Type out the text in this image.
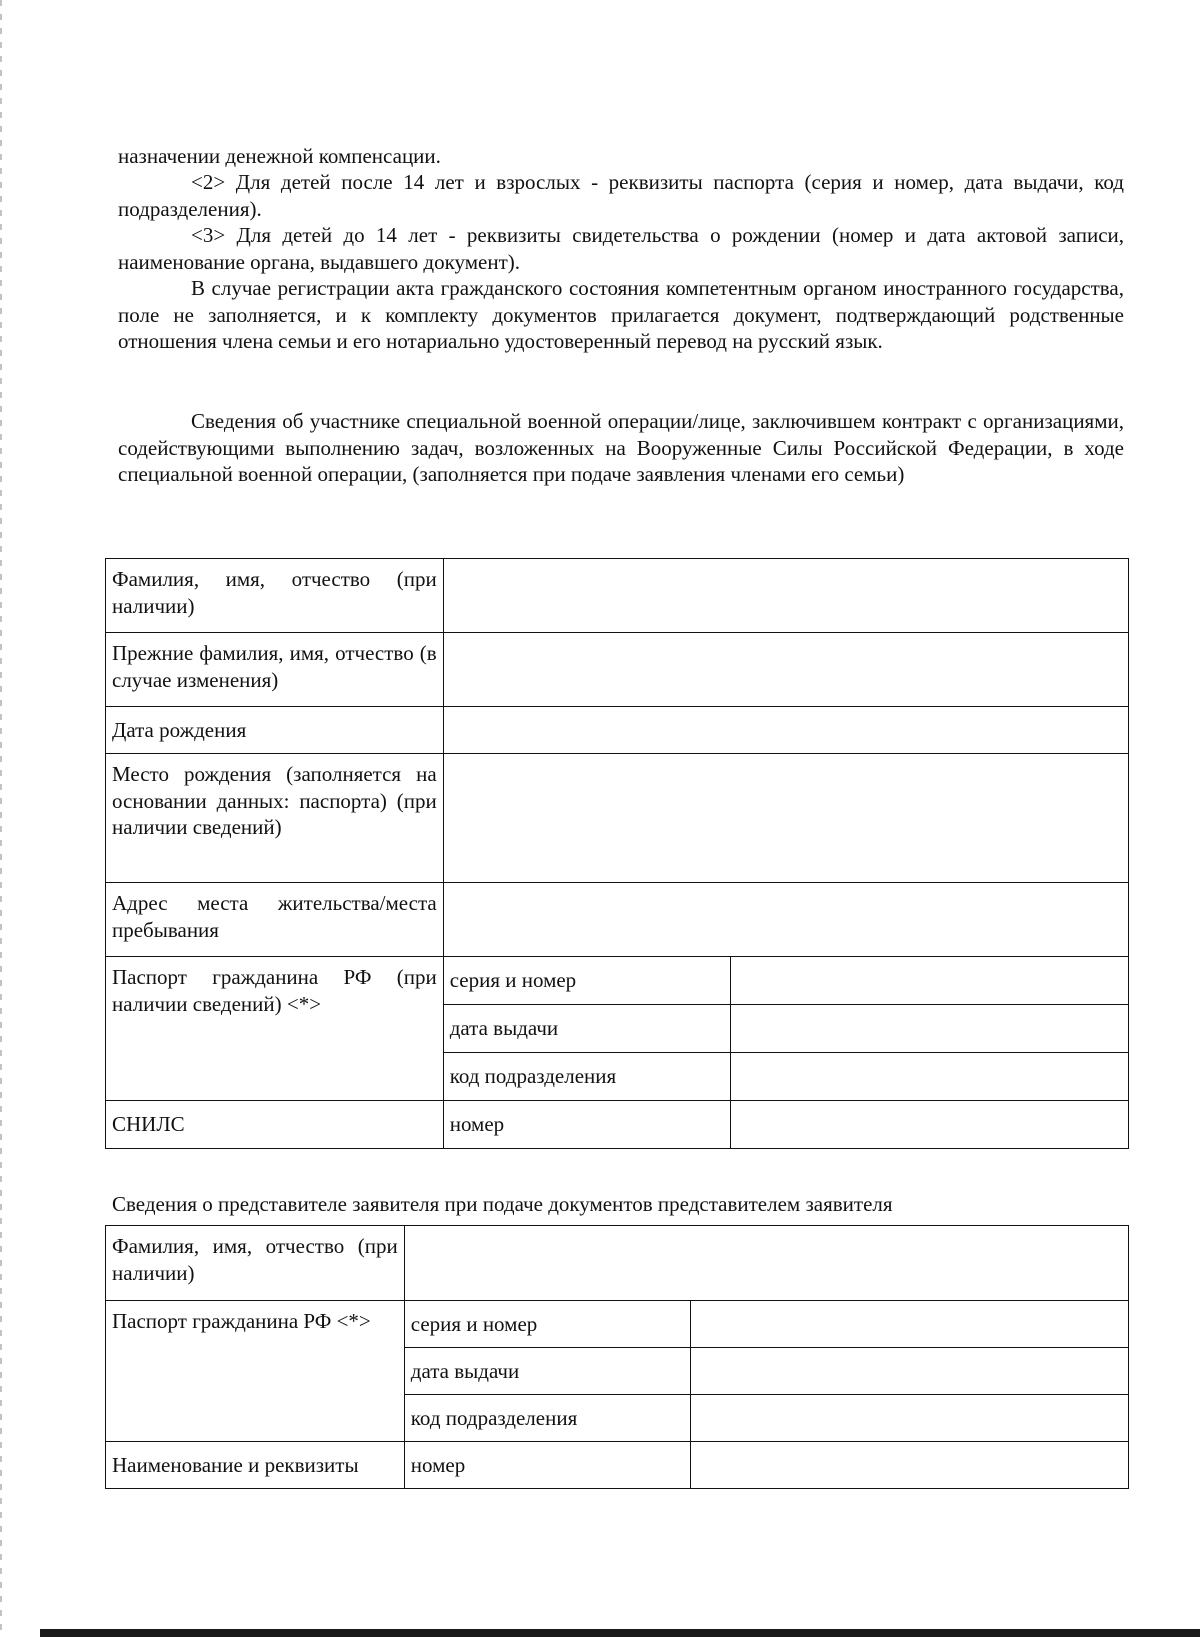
назначении денежной компенсации.

<2> Для детей после 14 лет и взрослых - реквизиты паспорта (серия и номер, дата выдачи, код подразделения).

<3> Для детей до 14 лет - реквизиты свидетельства о рождении (номер и дата актовой записи, наименование органа, выдавшего документ).

В случае регистрации акта гражданского состояния компетентным органом иностранного государства, поле не заполняется, и к комплекту документов прилагается документ, подтверждающий родственные отношения члена семьи и его нотариально удостоверенный перевод на русский язык.

Сведения об участнике специальной военной операции/лице, заключившем контракт с организациями, содействующими выполнению задач, возложенных на Вооруженные Силы Российской Федерации, в ходе специальной военной операции, (заполняется при подаче заявления членами его семьи)

Фамилия, имя, отчество (при наличии)		
Прежние фамилия, имя, отчество (в случае изменения)		
Дата рождения		
Место рождения (заполняется на основании данных: паспорта) (при наличии сведений)		
Адрес места жительства/места пребывания		
Паспорт гражданина РФ (при наличии сведений) <*>	серия и номер	
	дата выдачи	
	код подразделения	
СНИЛС	номер	

Сведения о представителе заявителя при подаче документов представителем заявителя

Фамилия, имя, отчество (при наличии)		
Паспорт гражданина РФ <*>	серия и номер	
	дата выдачи	
	код подразделения	
Наименование и реквизиты	номер	
